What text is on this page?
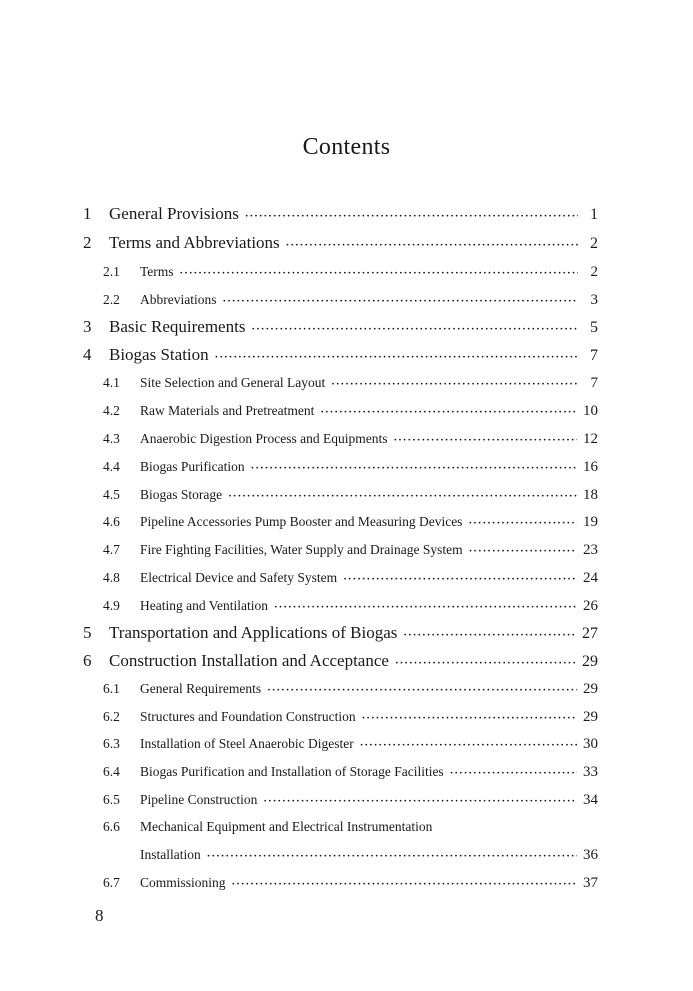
Contents
1	General Provisions ·····	1
2	Terms and Abbreviations ·····	2
2.1	Terms ·····	2
2.2	Abbreviations ·····	3
3	Basic Requirements ·····	5
4	Biogas Station ·····	7
4.1	Site Selection and General Layout ·····	7
4.2	Raw Materials and Pretreatment ·····	10
4.3	Anaerobic Digestion Process and Equipments ·····	12
4.4	Biogas Purification ·····	16
4.5	Biogas Storage ·····	18
4.6	Pipeline Accessories Pump Booster and Measuring Devices ·····	19
4.7	Fire Fighting Facilities, Water Supply and Drainage System ·····	23
4.8	Electrical Device and Safety System ·····	24
4.9	Heating and Ventilation ·····	26
5	Transportation and Applications of Biogas ·····	27
6	Construction Installation and Acceptance ·····	29
6.1	General Requirements ·····	29
6.2	Structures and Foundation Construction ·····	29
6.3	Installation of Steel Anaerobic Digester ·····	30
6.4	Biogas Purification and Installation of Storage Facilities ·····	33
6.5	Pipeline Construction ·····	34
6.6	Mechanical Equipment and Electrical Instrumentation
Installation ·····	36
6.7	Commissioning ·····	37
8
